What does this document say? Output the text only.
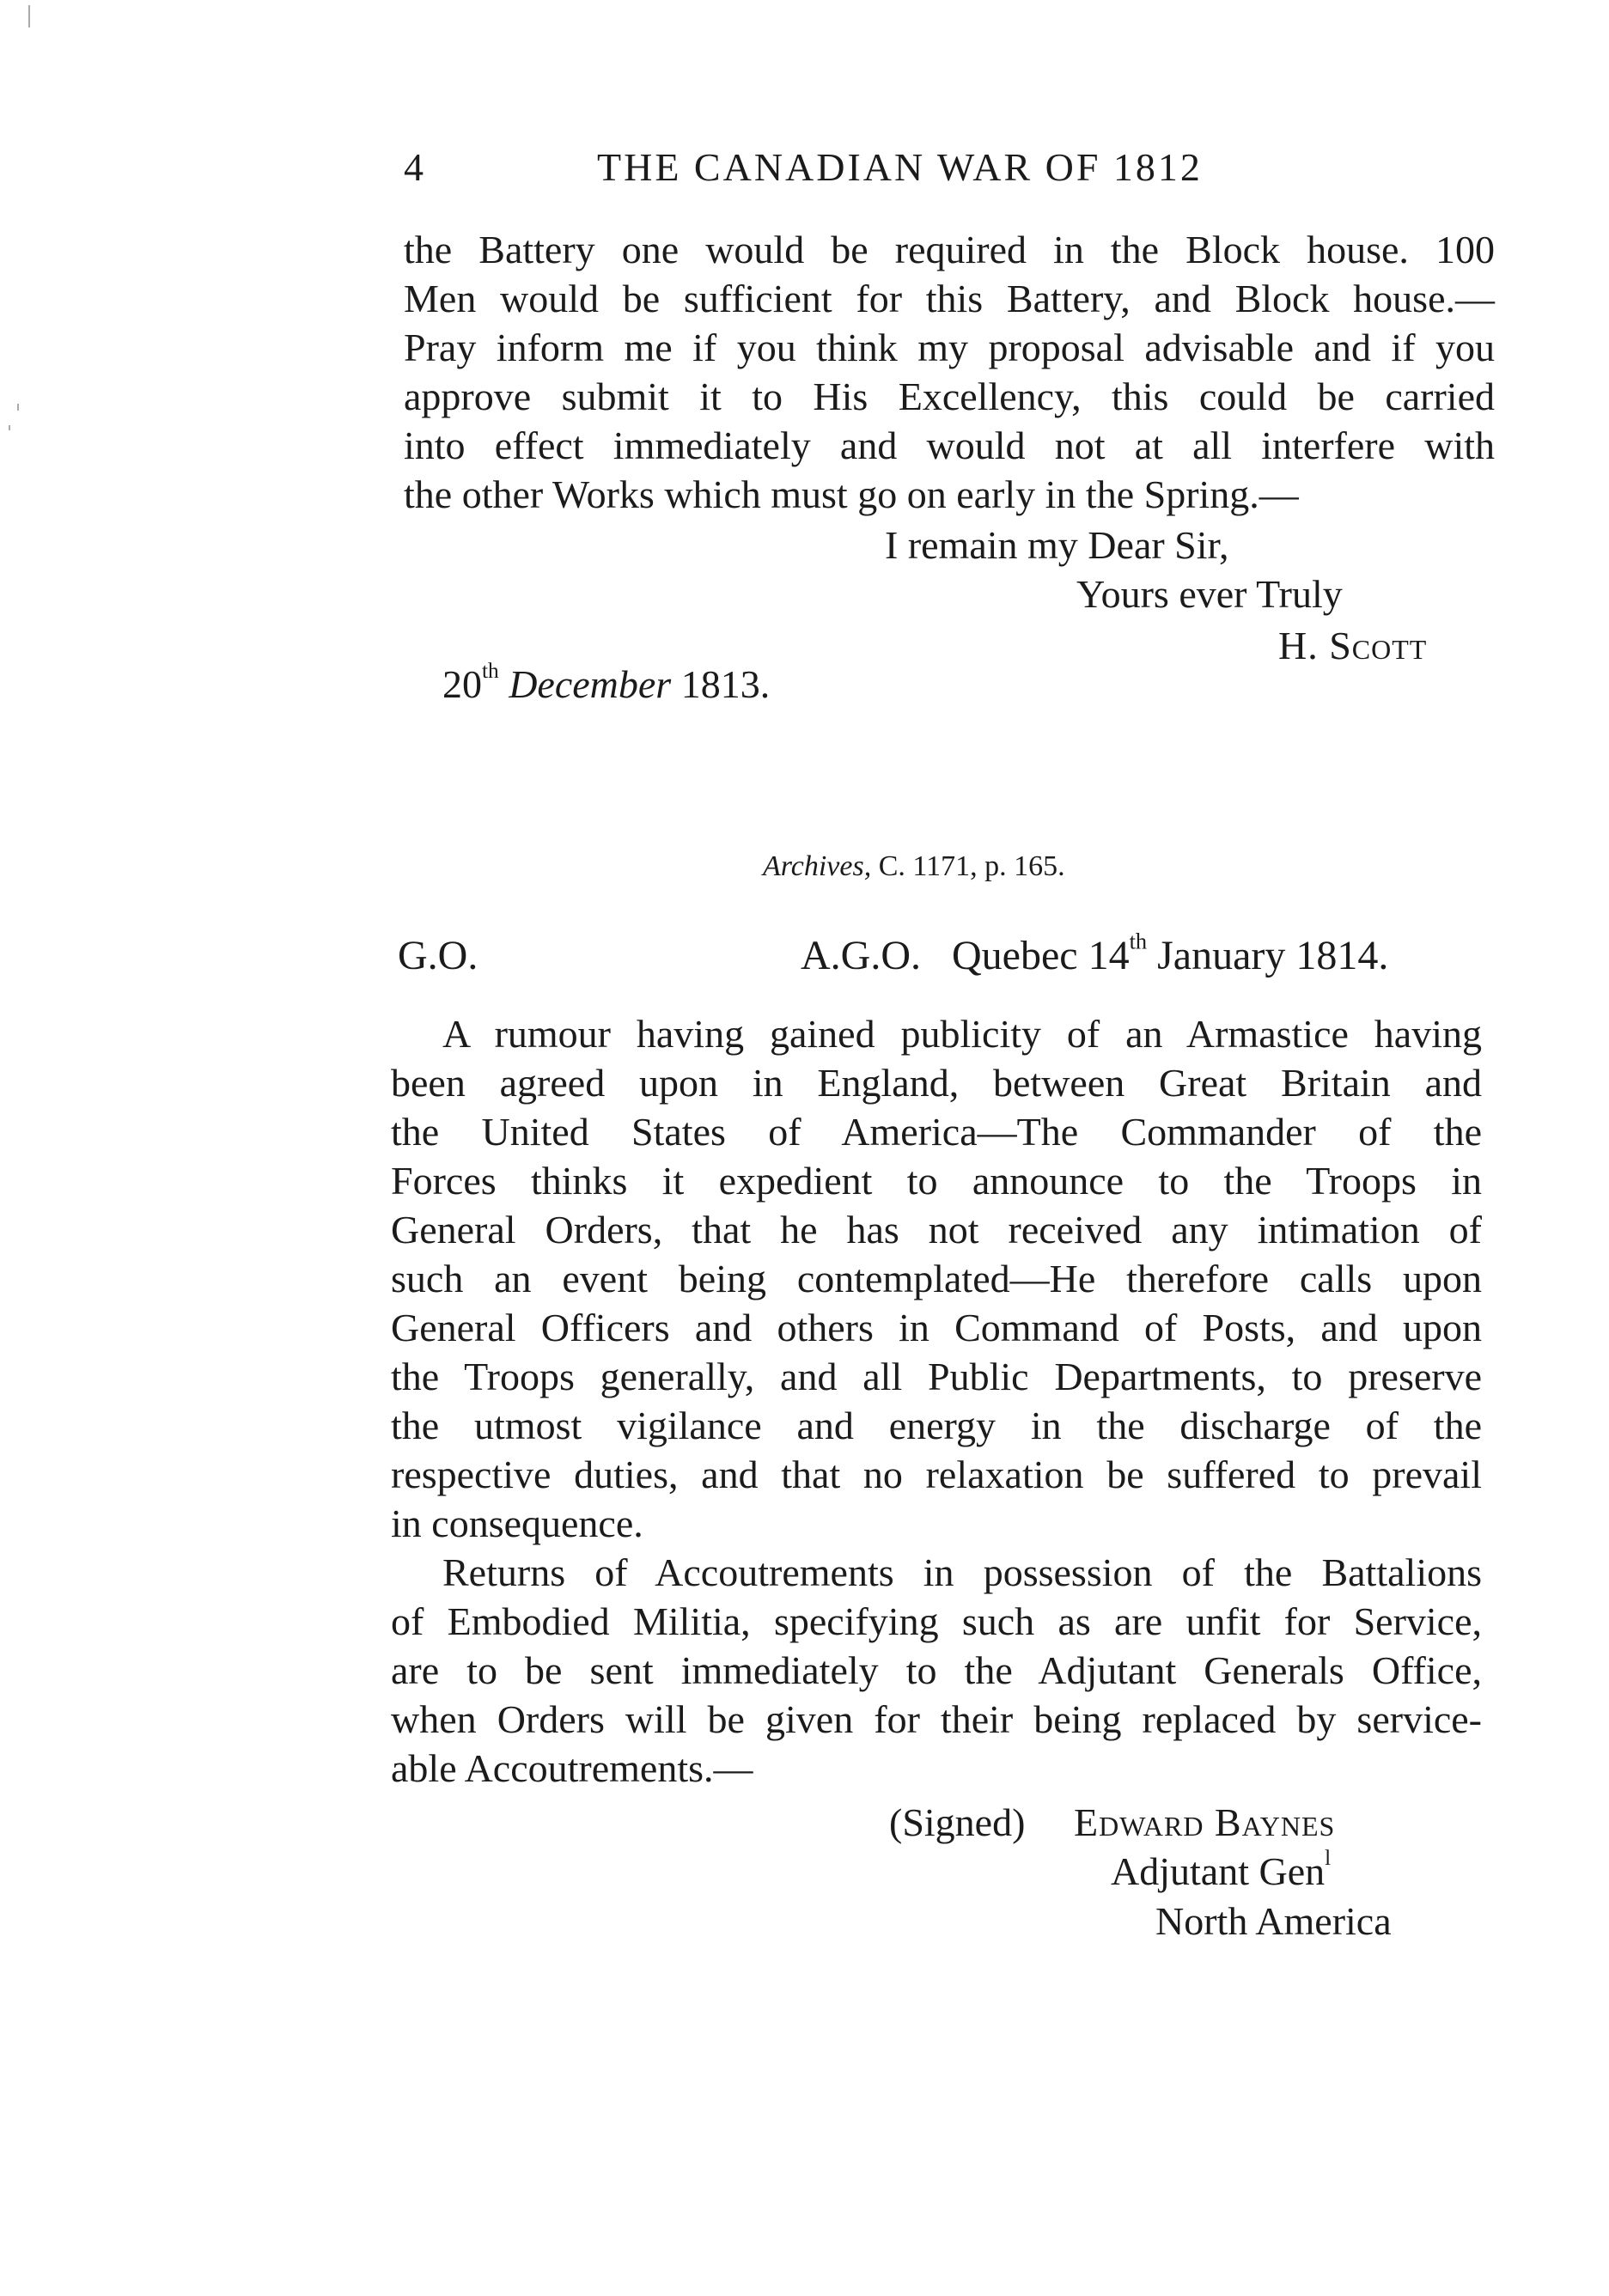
4	THE CANADIAN WAR OF 1812
the Battery one would be required in the Block house. 100
Men would be sufficient for this Battery, and Block house.—
Pray inform me if you think my proposal advisable and if you
approve submit it to His Excellency, this could be carried
into effect immediately and would not at all interfere with
the other Works which must go on early in the Spring.—
I remain my Dear Sir,
Yours ever Truly
H. Scott
20th December 1813.
Archives, C. 1171, p. 165.
G.O.	A.G.O. Quebec 14th January 1814.
A rumour having gained publicity of an Armastice having
been agreed upon in England, between Great Britain and
the United States of America—The Commander of the
Forces thinks it expedient to announce to the Troops in
General Orders, that he has not received any intimation of
such an event being contemplated—He therefore calls upon
General Officers and others in Command of Posts, and upon
the Troops generally, and all Public Departments, to preserve
the utmost vigilance and energy in the discharge of the
respective duties, and that no relaxation be suffered to prevail
in consequence.
Returns of Accoutrements in possession of the Battalions
of Embodied Militia, specifying such as are unfit for Service,
are to be sent immediately to the Adjutant Generals Office,
when Orders will be given for their being replaced by service-
able Accoutrements.—
(Signed) Edward Baynes
Adjutant Gen$^l$
North America
